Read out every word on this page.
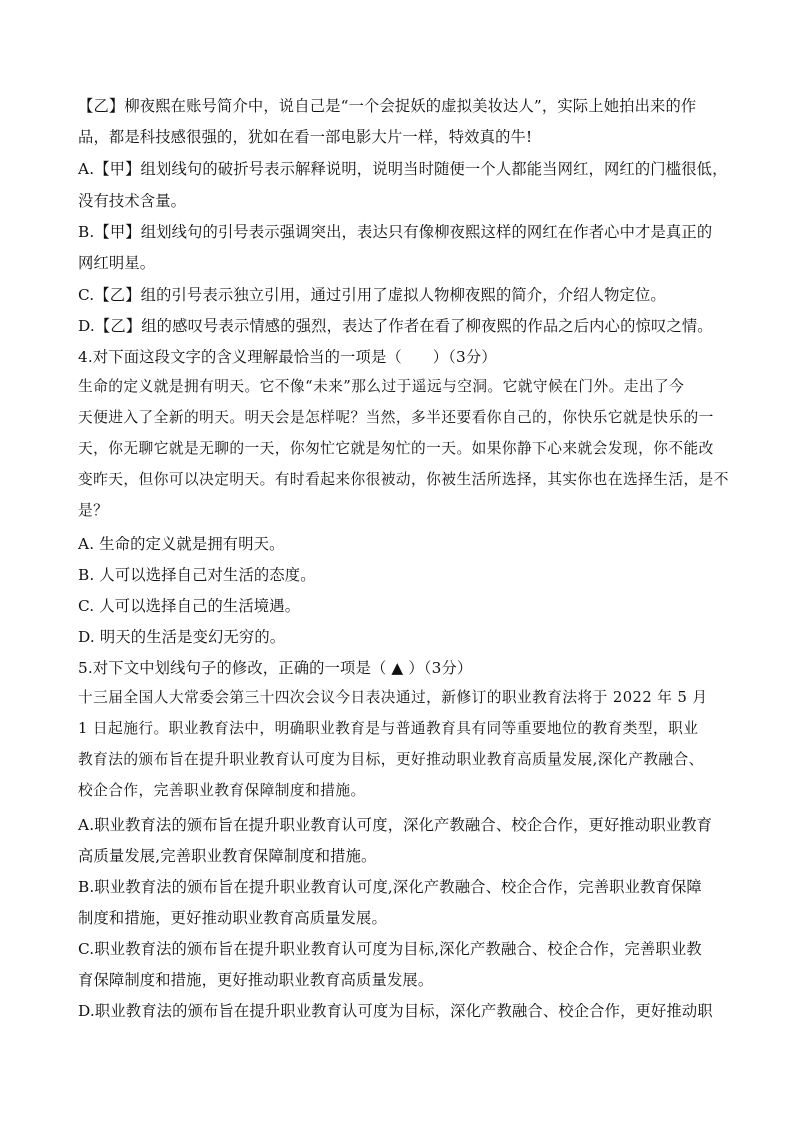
【乙】柳夜熙在账号简介中，说自己是“一个会捉妖的虚拟美妆达人”，实际上她拍出来的作
品，都是科技感很强的，犹如在看一部电影大片一样，特效真的牛!
A.【甲】组划线句的破折号表示解释说明，说明当时随便一个人都能当网红，网红的门槛很低，
没有技术含量。
B.【甲】组划线句的引号表示强调突出，表达只有像柳夜熙这样的网红在作者心中才是真正的
网红明星。
C.【乙】组的引号表示独立引用，通过引用了虚拟人物柳夜熙的简介，介绍人物定位。
D.【乙】组的感叹号表示情感的强烈，表达了作者在看了柳夜熙的作品之后内心的惊叹之情。
4.对下面这段文字的含义理解最恰当的一项是（　　）（3分）
生命的定义就是拥有明天。它不像“未来”那么过于遥远与空洞。它就守候在门外。走出了今
天便进入了全新的明天。明天会是怎样呢？当然，多半还要看你自己的，你快乐它就是快乐的一
天，你无聊它就是无聊的一天，你匆忙它就是匆忙的一天。如果你静下心来就会发现，你不能改
变昨天，但你可以决定明天。有时看起来你很被动，你被生活所选择，其实你也在选择生活，是不
是？
A. 生命的定义就是拥有明天。
B. 人可以选择自己对生活的态度。
C. 人可以选择自己的生活境遇。
D. 明天的生活是变幻无穷的。
5.对下文中划线句子的修改，正确的一项是（ ▲ ）（3分）
十三届全国人大常委会第三十四次会议今日表决通过，新修订的职业教育法将于 2022 年 5 月
1 日起施行。职业教育法中，明确职业教育是与普通教育具有同等重要地位的教育类型，职业
教育法的颁布旨在提升职业教育认可度为目标，更好推动职业教育高质量发展,深化产教融合、
校企合作，完善职业教育保障制度和措施。
A.职业教育法的颁布旨在提升职业教育认可度，深化产教融合、校企合作，更好推动职业教育
高质量发展,完善职业教育保障制度和措施。
B.职业教育法的颁布旨在提升职业教育认可度,深化产教融合、校企合作，完善职业教育保障
制度和措施，更好推动职业教育高质量发展。
C.职业教育法的颁布旨在提升职业教育认可度为目标,深化产教融合、校企合作，完善职业教
育保障制度和措施，更好推动职业教育高质量发展。
D.职业教育法的颁布旨在提升职业教育认可度为目标，深化产教融合、校企合作，更好推动职
